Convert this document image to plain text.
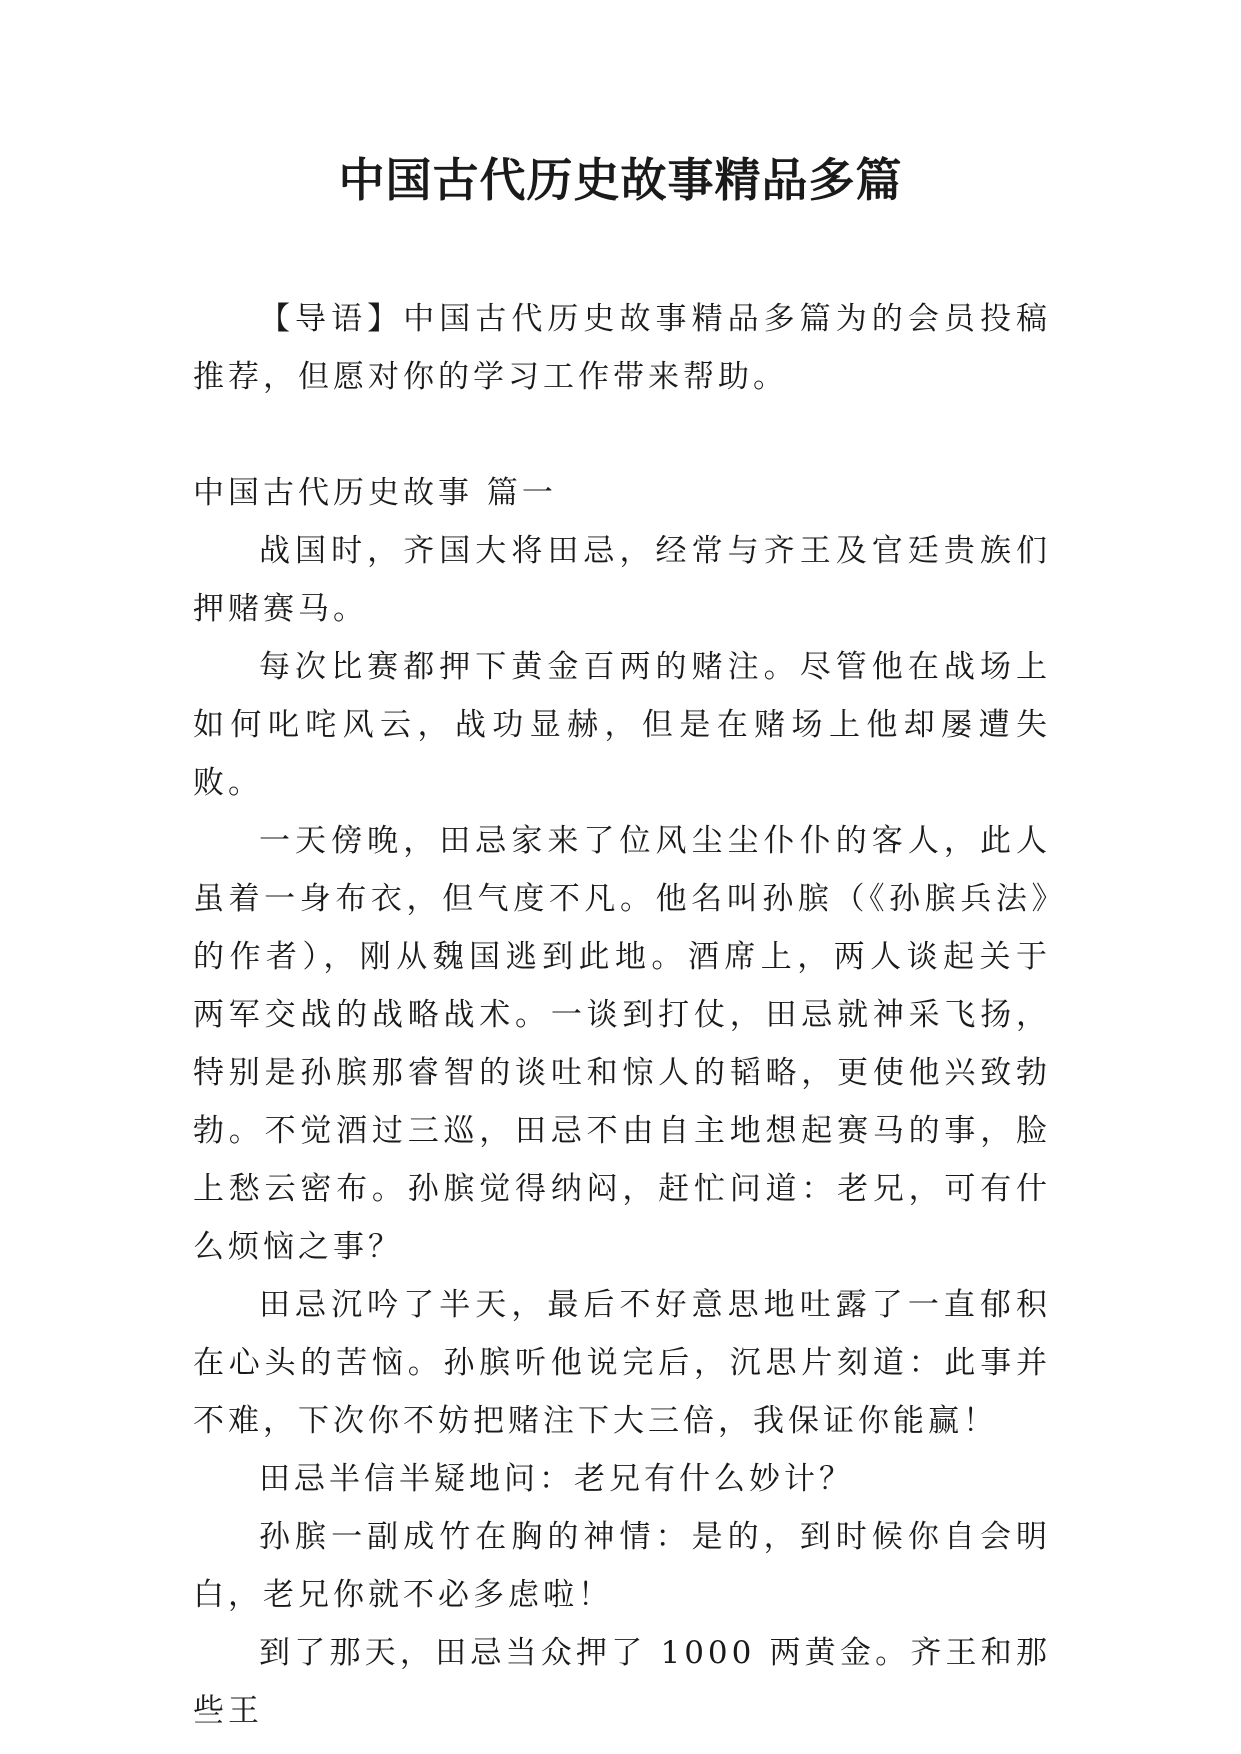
中国古代历史故事精品多篇

【导语】中国古代历史故事精品多篇为的会员投稿推荐，但愿对你的学习工作带来帮助。

中国古代历史故事 篇一

战国时，齐国大将田忌，经常与齐王及官廷贵族们押赌赛马。

每次比赛都押下黄金百两的赌注。尽管他在战场上如何叱咤风云，战功显赫，但是在赌场上他却屡遭失败。

一天傍晚，田忌家来了位风尘尘仆仆的客人，此人虽着一身布衣，但气度不凡。他名叫孙膑（《孙膑兵法》的作者），刚从魏国逃到此地。酒席上，两人谈起关于两军交战的战略战术。一谈到打仗，田忌就神采飞扬，特别是孙膑那睿智的谈吐和惊人的韬略，更使他兴致勃勃。不觉酒过三巡，田忌不由自主地想起赛马的事，脸上愁云密布。孙膑觉得纳闷，赶忙问道：老兄，可有什么烦恼之事？

田忌沉吟了半天，最后不好意思地吐露了一直郁积在心头的苦恼。孙膑听他说完后，沉思片刻道：此事并不难，下次你不妨把赌注下大三倍，我保证你能赢！

田忌半信半疑地问：老兄有什么妙计？

孙膑一副成竹在胸的神情：是的，到时候你自会明白，老兄你就不必多虑啦！

到了那天，田忌当众押了 1000 两黄金。齐王和那些王
